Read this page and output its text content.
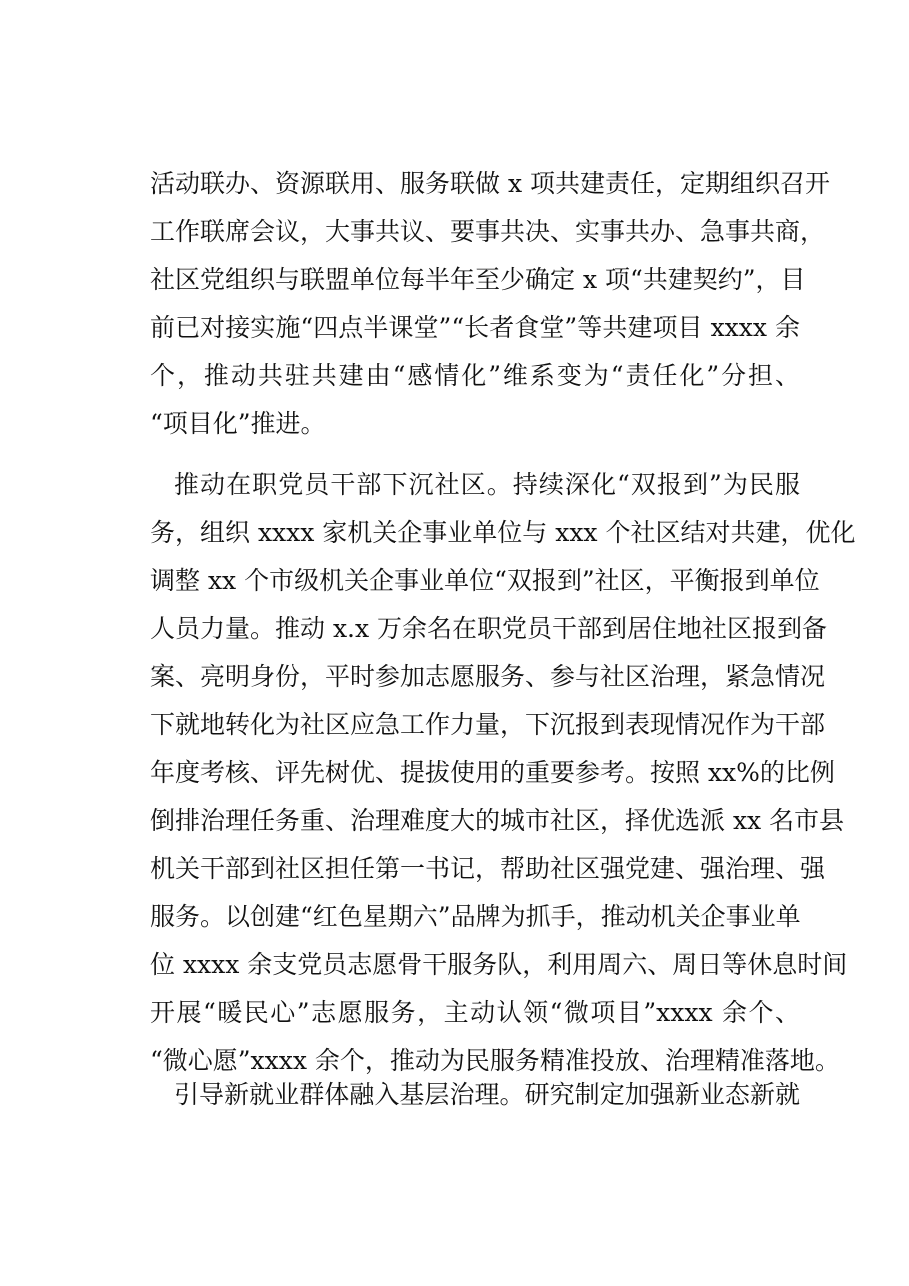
活动联办、资源联用、服务联做 x 项共建责任，定期组织召开
工作联席会议，大事共议、要事共决、实事共办、急事共商，
社区党组织与联盟单位每半年至少确定 x 项“共建契约”，目
前已对接实施“四点半课堂”“长者食堂”等共建项目 xxxx 余
个，推动共驻共建由“感情化”维系变为“责任化”分担、
“项目化”推进。
推动在职党员干部下沉社区。持续深化“双报到”为民服
务，组织 xxxx 家机关企事业单位与 xxx 个社区结对共建，优化
调整 xx 个市级机关企事业单位“双报到”社区，平衡报到单位
人员力量。推动 x.x 万余名在职党员干部到居住地社区报到备
案、亮明身份，平时参加志愿服务、参与社区治理，紧急情况
下就地转化为社区应急工作力量，下沉报到表现情况作为干部
年度考核、评先树优、提拔使用的重要参考。按照 xx%的比例
倒排治理任务重、治理难度大的城市社区，择优选派 xx 名市县
机关干部到社区担任第一书记，帮助社区强党建、强治理、强
服务。以创建“红色星期六”品牌为抓手，推动机关企事业单
位 xxxx 余支党员志愿骨干服务队，利用周六、周日等休息时间
开展“暖民心”志愿服务，主动认领“微项目”xxxx 余个、
“微心愿”xxxx 余个，推动为民服务精准投放、治理精准落地。
引导新就业群体融入基层治理。研究制定加强新业态新就
